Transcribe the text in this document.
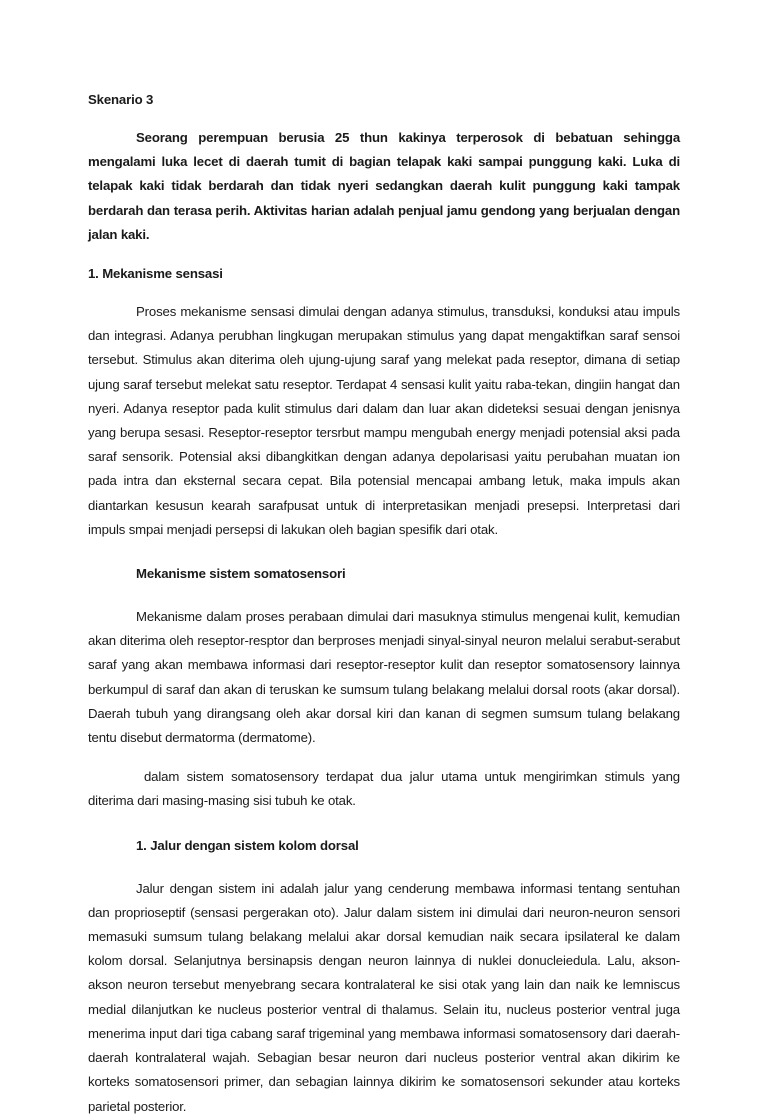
Skenario 3

Seorang perempuan berusia 25 thun kakinya terperosok di bebatuan sehingga mengalami luka lecet di daerah tumit di bagian telapak kaki sampai punggung kaki. Luka di telapak kaki tidak berdarah dan tidak nyeri sedangkan daerah kulit punggung kaki tampak berdarah dan terasa perih. Aktivitas harian adalah penjual jamu gendong yang berjualan dengan jalan kaki.

1. Mekanisme sensasi

Proses mekanisme sensasi dimulai dengan adanya stimulus, transduksi, konduksi atau impuls dan integrasi. Adanya perubhan lingkugan merupakan stimulus yang dapat mengaktifkan saraf sensoi tersebut. Stimulus akan diterima oleh ujung-ujung saraf yang melekat pada reseptor, dimana di setiap ujung saraf tersebut melekat satu reseptor. Terdapat 4 sensasi kulit yaitu raba-tekan, dingiin hangat dan nyeri. Adanya reseptor pada kulit stimulus dari dalam dan luar akan dideteksi sesuai dengan jenisnya yang berupa sesasi. Reseptor-reseptor tersrbut mampu mengubah energy menjadi potensial aksi pada saraf sensorik. Potensial aksi dibangkitkan dengan adanya depolarisasi yaitu perubahan muatan ion pada intra dan eksternal secara cepat. Bila potensial mencapai ambang letuk, maka impuls akan diantarkan kesusun kearah sarafpusat untuk di interpretasikan menjadi presepsi. Interpretasi dari impuls smpai menjadi persepsi di lakukan oleh bagian spesifik dari otak.

Mekanisme sistem somatosensori

Mekanisme dalam proses perabaan dimulai dari masuknya stimulus mengenai kulit, kemudian akan diterima oleh reseptor-resptor dan berproses menjadi sinyal-sinyal neuron melalui serabut-serabut saraf yang akan membawa informasi dari reseptor-reseptor kulit dan reseptor somatosensory lainnya berkumpul di saraf dan akan di teruskan ke sumsum tulang belakang melalui dorsal roots (akar dorsal). Daerah tubuh yang dirangsang oleh akar dorsal kiri dan kanan di segmen sumsum tulang belakang tentu disebut dermatorma (dermatome).

dalam sistem somatosensory terdapat dua jalur utama untuk mengirimkan stimuls yang diterima dari masing-masing sisi tubuh ke otak.

1. Jalur dengan sistem kolom dorsal

Jalur dengan sistem ini adalah jalur yang cenderung membawa informasi tentang sentuhan dan proprioseptif (sensasi pergerakan oto). Jalur dalam sistem ini dimulai dari neuron-neuron sensori memasuki sumsum tulang belakang melalui akar dorsal kemudian naik secara ipsilateral ke dalam kolom dorsal. Selanjutnya bersinapsis dengan neuron lainnya di nuklei donucleiedula. Lalu, akson-akson neuron tersebut menyebrang secara kontralateral ke sisi otak yang lain dan naik ke lemniscus medial dilanjutkan ke nucleus posterior ventral di thalamus. Selain itu, nucleus posterior ventral juga menerima input dari tiga cabang saraf trigeminal yang membawa informasi somatosensory dari daerah-daerah kontralateral wajah. Sebagian besar neuron dari nucleus posterior ventral akan dikirim ke korteks somatosensori primer, dan sebagian lainnya dikirim ke somatosensori sekunder atau korteks parietal posterior.
